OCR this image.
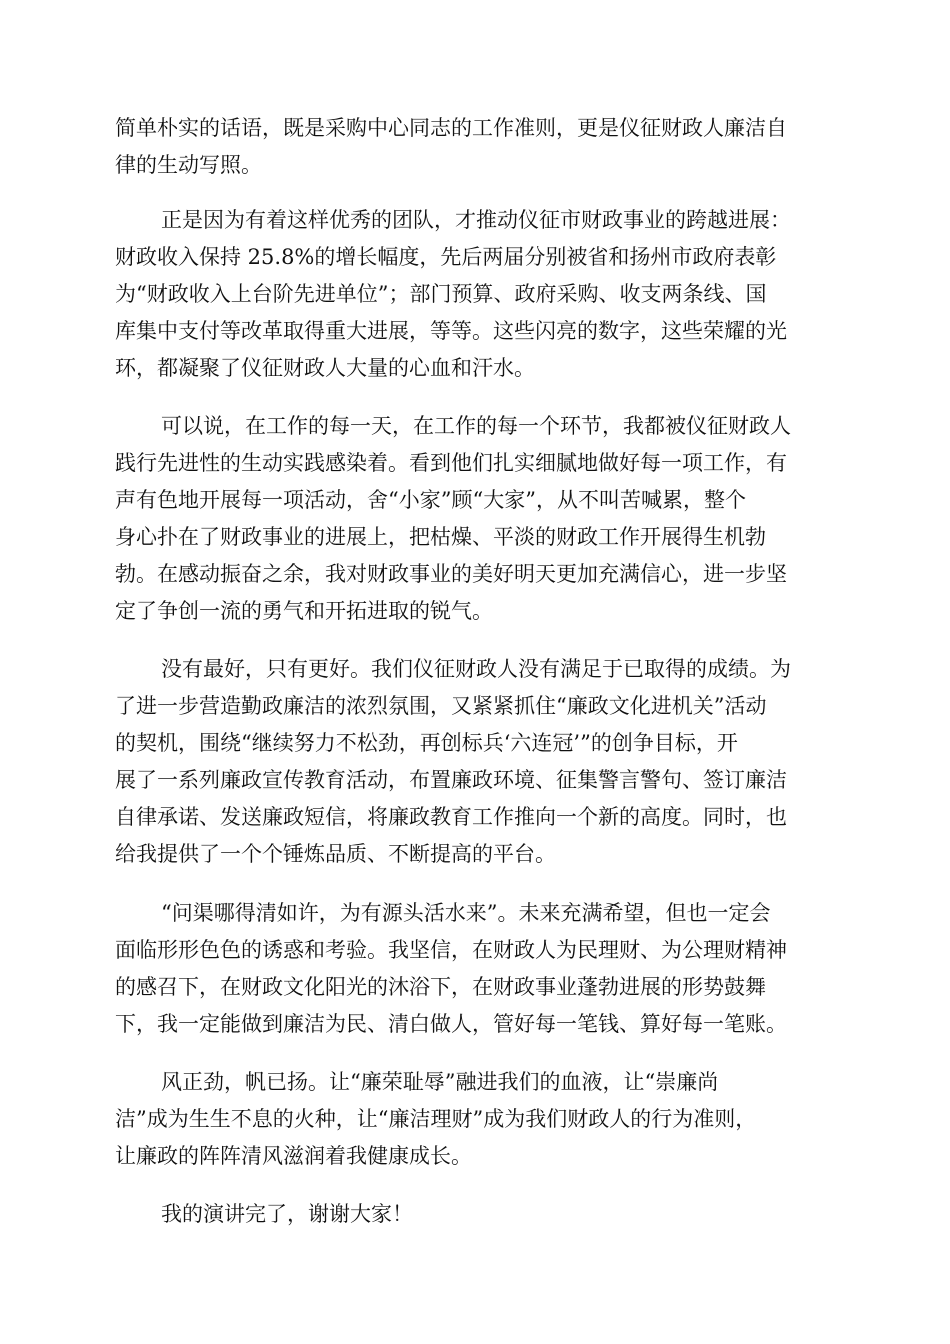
简单朴实的话语，既是采购中心同志的工作准则，更是仪征财政人廉洁自
律的生动写照。
正是因为有着这样优秀的团队，才推动仪征市财政事业的跨越进展：
财政收入保持 25.8%的增长幅度，先后两届分别被省和扬州市政府表彰
为“财政收入上台阶先进单位”；部门预算、政府采购、收支两条线、国
库集中支付等改革取得重大进展，等等。这些闪亮的数字，这些荣耀的光
环，都凝聚了仪征财政人大量的心血和汗水。
可以说，在工作的每一天，在工作的每一个环节，我都被仪征财政人
践行先进性的生动实践感染着。看到他们扎实细腻地做好每一项工作，有
声有色地开展每一项活动，舍“小家”顾“大家”，从不叫苦喊累，整个
身心扑在了财政事业的进展上，把枯燥、平淡的财政工作开展得生机勃
勃。在感动振奋之余，我对财政事业的美好明天更加充满信心，进一步坚
定了争创一流的勇气和开拓进取的锐气。
没有最好，只有更好。我们仪征财政人没有满足于已取得的成绩。为
了进一步营造勤政廉洁的浓烈氛围，又紧紧抓住“廉政文化进机关”活动
的契机，围绕“继续努力不松劲，再创标兵‘六连冠’”的创争目标，开
展了一系列廉政宣传教育活动，布置廉政环境、征集警言警句、签订廉洁
自律承诺、发送廉政短信，将廉政教育工作推向一个新的高度。同时，也
给我提供了一个个锤炼品质、不断提高的平台。
“问渠哪得清如许，为有源头活水来”。未来充满希望，但也一定会
面临形形色色的诱惑和考验。我坚信，在财政人为民理财、为公理财精神
的感召下，在财政文化阳光的沐浴下，在财政事业蓬勃进展的形势鼓舞
下，我一定能做到廉洁为民、清白做人，管好每一笔钱、算好每一笔账。
风正劲，帆已扬。让“廉荣耻辱”融进我们的血液，让“崇廉尚
洁”成为生生不息的火种，让“廉洁理财”成为我们财政人的行为准则，
让廉政的阵阵清风滋润着我健康成长。
我的演讲完了，谢谢大家！
